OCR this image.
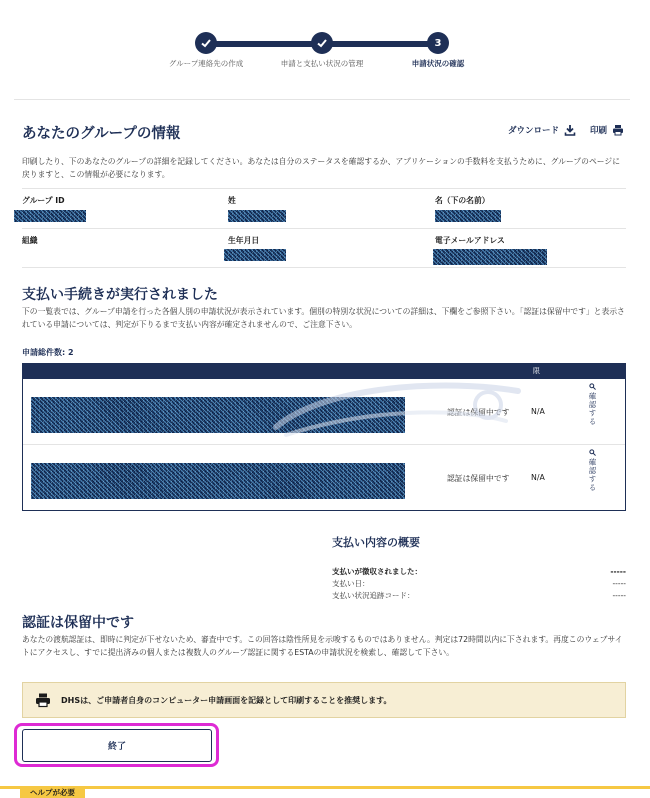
3
グループ連絡先の作成	申請と支払い状況の管理	申請状況の確認
あなたのグループの情報	ダウンロード	印刷

印刷したり、下のあなたのグループの詳細を記録してください。あなたは自分のステータスを確認するか、アプリケーションの手数料を支払うために、グループのページに戻りますと、この情報が必要になります。

グループ ID	姓	名（下の名前）
組織	生年月日	電子メールアドレス
支払い手続きが実行されました

下の一覧表では、グループ申請を行った各個人別の申請状況が表示されています。個別の特別な状況についての詳細は、下欄をご参照下さい。「認証は保留中です」と表示されている申請については、判定が下りるまで支払い内容が確定されませんので、ご注意下さい。

申請総件数: 2
限
認証は保留中です	N/A	確認する
認証は保留中です	N/A	確認する
支払い内容の概要
支払いが徴収されました：	-----
支払い日：	-----
支払い状況追跡コード：	-----
認証は保留中です

あなたの渡航認証は、即時に判定が下せないため、審査中です。この回答は陰性所見を示唆するものではありません。判定は72時間以内に下されます。再度このウェブサイトにアクセスし、すでに提出済みの個人または複数人のグループ認証に関するESTAの申請状況を検索し、確認して下さい。

DHSは、ご申請者自身のコンピューター申請画面を記録として印刷することを推奨します。
終了
ヘルプが必要
